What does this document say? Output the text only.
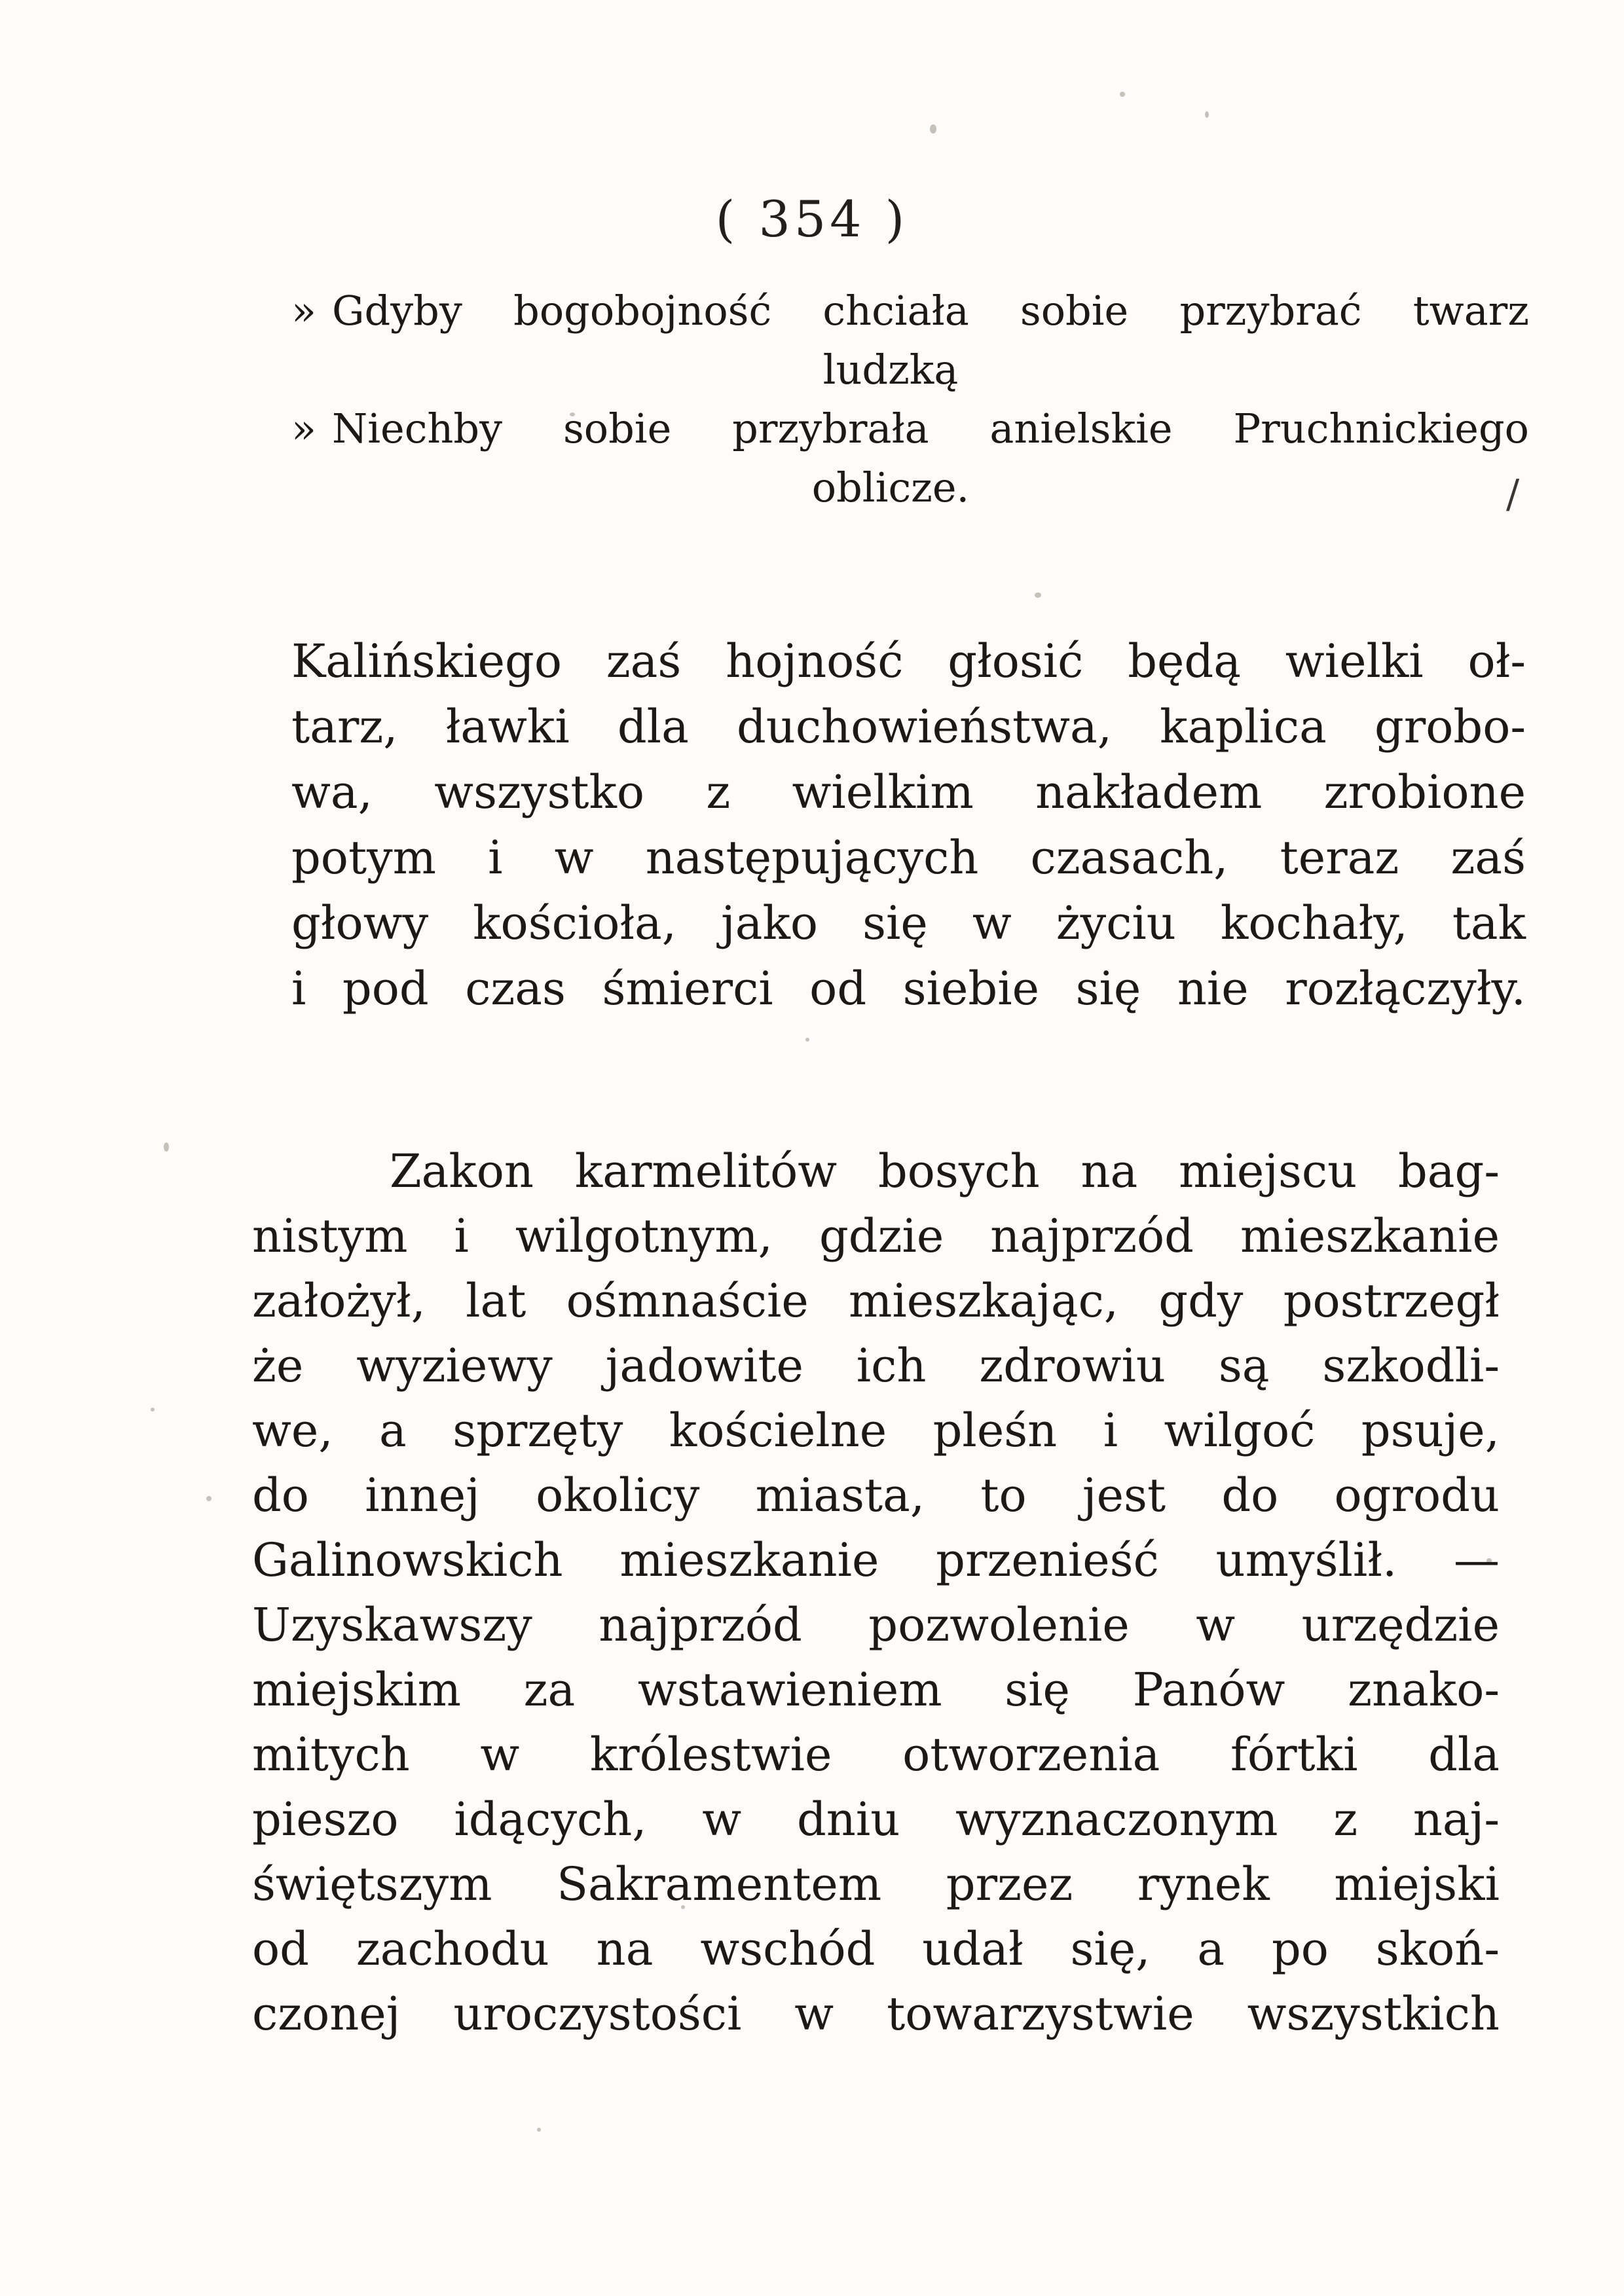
/
( 354 )
» Gdyby bogobojność chciała sobie przybrać twarz
ludzką
» Niechby sobie przybrała anielskie Pruchnickiego
oblicze.
Kalińskiego zaś hojność głosić będą wielki oł-
tarz, ławki dla duchowieństwa, kaplica grobo-
wa, wszystko z wielkim nakładem zrobione
potym i w następujących czasach, teraz zaś
głowy kościoła, jako się w życiu kochały, tak
i pod czas śmierci od siebie się nie rozłączyły.
Zakon karmelitów bosych na miejscu bag-
nistym i wilgotnym, gdzie najprzód mieszkanie
założył, lat ośmnaście mieszkając, gdy postrzegł
że wyziewy jadowite ich zdrowiu są szkodli-
we, a sprzęty kościelne pleśn i wilgoć psuje,
do innej okolicy miasta, to jest do ogrodu
Galinowskich mieszkanie przenieść umyślił. —
Uzyskawszy najprzód pozwolenie w urzędzie
miejskim za wstawieniem się Panów znako-
mitych w królestwie otworzenia fórtki dla
pieszo idących, w dniu wyznaczonym z naj-
świętszym Sakramentem przez rynek miejski
od zachodu na wschód udał się, a po skoń-
czonej uroczystości w towarzystwie wszystkich
